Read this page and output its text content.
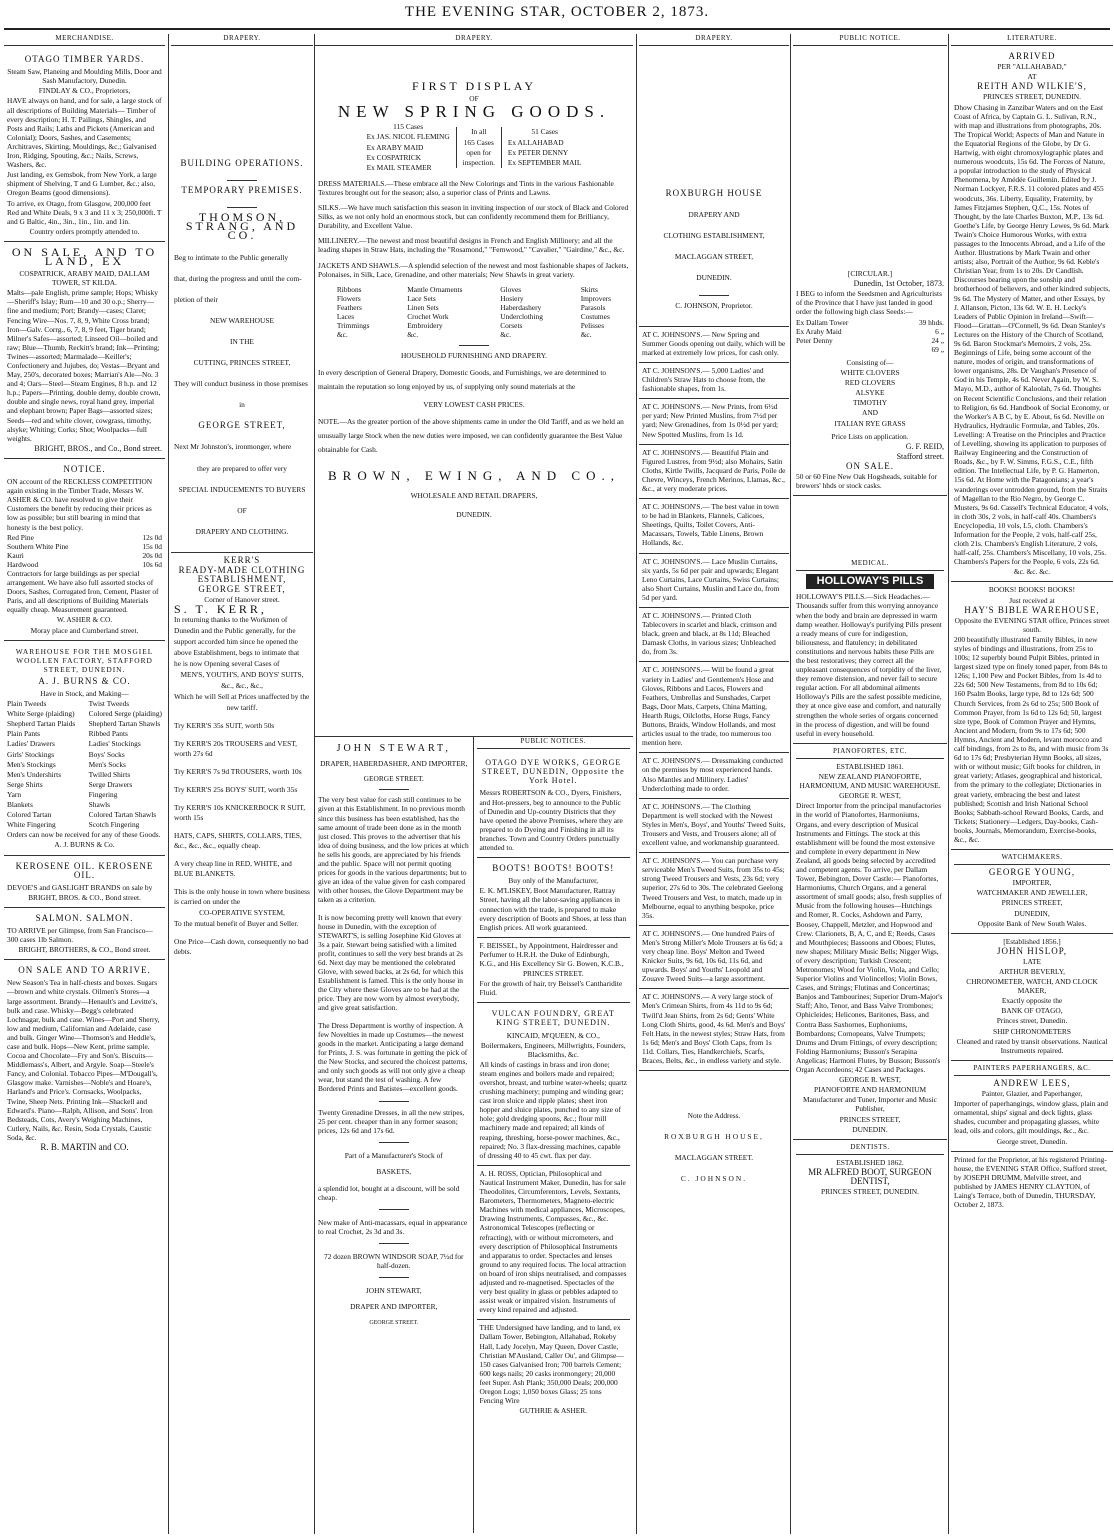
THE EVENING STAR, OCTOBER 2, 1873.
MERCHANDISE.
OTAGO TIMBER YARDS.

Steam Saw, Planeing and Moulding Mills, Door and Sash Manufactory, Dunedin.

FINDLAY & CO., Proprietors,

HAVE always on hand, and for sale, a large stock of all descriptions of Building Materials— Timber of every description; H. T. Pailings, Shingles, and Posts and Rails; Laths and Pickets (American and Colonial); Doors, Sashes, and Casements; Architraves, Skirting, Mouldings, &c.; Galvanised Iron, Ridging, Spouting, &c.; Nails, Screws, Washers, &c.

Just landing, ex Gemsbok, from New York, a large shipment of Shelving, T and G Lumber, &c.; also, Oregon Beams (good dimensions).

To arrive, ex Otago, from Glasgow, 200,000 feet Red and White Deals, 9 x 3 and 11 x 3; 250,000ft. T and G Baltic, 4in., 3in., 1in., 1in. and 1in.

Country orders promptly attended to.

ON SALE, AND TO LAND, EX

COSPATRICK, ARABY MAID, DALLAM TOWER, ST KILDA.

Malts—pale English, prime sample; Hops; Whisky—Sheriff's Islay; Rum—10 and 30 o.p.; Sherry—fine and medium; Port; Brandy—cases; Claret; Fencing Wire—Nos. 7, 8, 9, White Cross brand; Iron—Galv. Corrg., 6, 7, 8, 9 feet, Tiger brand; Milner's Safes—assorted; Linseed Oil—boiled and raw; Blue—Thumb, Reckitt's brand; Ink—Printing; Twines—assorted; Marmalade—Keiller's; Confectionery and Jujubes, do; Vestas—Bryant and May, 250's, decorated boxes; Marrian's Ale—No. 3 and 4; Oars—Steel—Steam Engines, 8 h.p. and 12 h.p.; Papers—Printing, double demy, double crown, double and single news, royal hand grey, imperial and elephant brown; Paper Bags—assorted sizes; Seeds—red and white clover, cowgrass, timothy, alsyke; Whiting; Corks; Shot; Woolpacks—full weights.

BRIGHT, BROS., and Co., Bond street.

NOTICE.

ON account of the RECKLESS COMPETITION again existing in the Timber Trade, Messrs W. ASHER & CO. have resolved to give their Customers the benefit by reducing their prices as low as possible; but still bearing in mind that honesty is the best policy.

Red Pine	12s 0d
Southern White Pine	15s 0d
Kauri	20s 0d
Hardwood	10s 6d

Contractors for large buildings as per special arrangement. We have also full assorted stocks of Doors, Sashes, Corrugated Iron, Cement, Plaster of Paris, and all descriptions of Building Materials equally cheap. Measurement guaranteed.

W. ASHER & CO.

Moray place and Cumberland street.

WAREHOUSE FOR THE MOSGIEL WOOLLEN FACTORY, STAFFORD STREET, DUNEDIN.
A. J. BURNS & CO.

Have in Stock, and Making—

Plain Tweeds

White Serge (plaiding)

Shepherd Tartan Plaids

Plain Pants

Ladies' Drawers

Girls' Stockings

Men's Stockings

Men's Undershirts

Serge Shirts

Yarn

Blankets

Colored Tartan

White Fingering

Twist Tweeds

Colored Serge (plaiding)

Shepherd Tartan Shawls

Ribbed Pants

Ladies' Stockings

Boys' Socks

Men's Socks

Twilled Shirts

Serge Drawers

Fingering

Shawls

Colored Tartan Shawls

Scotch Fingering

Orders can now be received for any of these Goods.

A. J. BURNS & Co.

KEROSENE OIL. KEROSENE OIL.

DEVOE'S and GASLIGHT BRANDS on sale by

BRIGHT, BROS. & CO., Bond street.

SALMON. SALMON.

TO ARRIVE per Glimpse, from San Francisco— 300 cases 1lb Salmon.

BRIGHT, BROTHERS, & CO., Bond street.

ON SALE AND TO ARRIVE.

New Season's Tea in half-chests and boxes. Sugars—brown and white crystals. Oilmen's Stores—a large assortment. Brandy—Henault's and Levitte's, bulk and case. Whisky—Begg's celebrated Lochnagar, bulk and case. Wines—Port and Sherry, low and medium, Californian and Adelaide, case and bulk. Ginger Wine—Thomson's and Heddle's, case and bulk. Hops—New Kent, prime sample. Cocoa and Chocolate—Fry and Son's. Biscuits—Middlemass's, Albert, and Argyle. Soap—Steele's Fancy, and Colonial. Tobacco Pipes—M'Dougall's, Glasgow make. Varnishes—Noble's and Hoare's, Harland's and Price's. Cornsacks, Woolpacks, Twine, Sheep Nets. Printing Ink—Shackell and Edward's. Piano—Ralph, Allison, and Sons'. Iron Bedsteads, Cots, Avery's Weighing Machines, Cutlery, Nails, &c. Resin, Soda Crystals, Caustic Soda, &c.

R. B. MARTIN and CO.

DRAPERY.

BUILDING OPERATIONS.

TEMPORARY PREMISES.

THOMSON, STRANG, AND CO.

Beg to intimate to the Public generally

that, during the progress and until the com-

pletion of their

NEW WAREHOUSE

IN THE

CUTTING, PRINCES STREET,

They will conduct business in those premises

in

GEORGE STREET,

Next Mr Johnston's, ironmonger, where

they are prepared to offer very

SPECIAL INDUCEMENTS TO BUYERS

OF

DRAPERY AND CLOTHING.

KERR'S

READY-MADE CLOTHING ESTABLISHMENT,

GEORGE STREET,

Corner of Hanover street.

S. T. KERR,

In returning thanks to the Workmen of

Dunedin and the Public generally, for the

support accorded him since he opened the

above Establishment, begs to intimate that

he is now Opening several Cases of

MEN'S, YOUTH'S, AND BOYS' SUITS,

&c., &c., &c.,

Which he will Sell at Prices unaffected by the

new tariff.

Try KERR'S 35s SUIT, worth 50s

Try KERR'S 20s TROUSERS and VEST, worth 27s 6d

Try KERR'S 7s 9d TROUSERS, worth 10s

Try KERR'S 25s BOYS' SUIT, worth 35s

Try KERR'S 10s KNICKERBOCK R SUIT, worth 15s

HATS, CAPS, SHIRTS, COLLARS, TIES, &c., &c., &c., equally cheap.

A very cheap line in RED, WHITE, and BLUE BLANKETS.

This is the only house in town where business is carried on under the

CO-OPERATIVE SYSTEM,

To the mutual benefit of Buyer and Seller.

One Price—Cash down, consequently no bad debts.

DRAPERY.
FIRST DISPLAY
OF
NEW SPRING GOODS.

115 Cases

Ex JAS. NICOL FLEMING

Ex ARABY MAID

Ex COSPATRICK

Ex MAIL STEAMER

In all

165 Cases

open for

inspection.

51 Cases

Ex ALLAHABAD

Ex PETER DENNY

Ex SEPTEMBER MAIL

DRESS MATERIALS.—These embrace all the New Colorings and Tints in the various Fashionable Textures brought out for the season; also, a superior class of Prints and Lawns.

SILKS.—We have much satisfaction this season in inviting inspection of our stock of Black and Colored Silks, as we not only hold an enormous stock, but can confidently recommend them for Brilliancy, Durability, and Excellent Value.

MILLINERY.—The newest and most beautiful designs in French and English Millinery; and all the leading shapes in Straw Hats, including the "Rosamond," "Fernwood," "Cavalier," "Gairdine," &c., &c.

JACKETS AND SHAWLS.—A splendid selection of the newest and most fashionable shapes of Jackets, Polonaises, in Silk, Lace, Grenadine, and other materials; New Shawls in great variety.

Ribbons

Flowers

Feathers

Laces

Trimmings

&c.

Mantle Ornaments

Lace Sets

Linen Sets

Crochet Work

Embroidery

&c.

Gloves

Hosiery

Haberdashery

Underclothing

Corsets

&c.

Skirts

Improvers

Parasols

Costumes

Pelisses

&c.

HOUSEHOLD FURNISHING AND DRAPERY.

In every description of General Drapery, Domestic Goods, and Furnishings, we are determined to maintain the reputation so long enjoyed by us, of supplying only sound materials at the

VERY LOWEST CASH PRICES.

NOTE.—As the greater portion of the above shipments came in under the Old Tariff, and as we held an unusually large Stock when the new duties were imposed, we can confidently guarantee the Best Value obtainable for Cash.

BROWN, EWING, AND CO.,

WHOLESALE AND RETAIL DRAPERS,

DUNEDIN.

JOHN STEWART,

DRAPER, HABERDASHER, AND IMPORTER,

GEORGE STREET.

The very best value for cash still continues to be given at this Establishment. In no previous month since this business has been established, has the same amount of trade been done as in the month just closed. This proves to the advertiser that his idea of doing business, and the low prices at which he sells his goods, are appreciated by his friends and the public. Space will not permit quoting prices for goods in the various departments; but to give an idea of the value given for cash compared with other houses, the Glove Department may be taken as a criterion.

It is now becoming pretty well known that every house in Dunedin, with the exception of STEWART'S, is selling Josephine Kid Gloves at 3s a pair. Stewart being satisfied with a limited profit, continues to sell the very best brands at 2s 6d. Next day may be mentioned the celebrated Glove, with sewed backs, at 2s 6d, for which this Establishment is famed. This is the only house in the City where these Gloves are to be had at the price. They are now worn by almost everybody, and give great satisfaction.

The Dress Department is worthy of inspection. A few Novelties in made up Costumes—the newest goods in the market. Anticipating a large demand for Prints, J. S. was fortunate in getting the pick of the New Stocks, and secured the choicest patterns, and only such goods as will not only give a cheap wear, but stand the test of washing. A few Bordered Prints and Batistes—excellent goods.

Twenty Grenadine Dresses, in all the new stripes, 25 per cent. cheaper than in any former season; prices, 12s 6d and 17s 6d.

Part of a Manufacturer's Stock of

BASKETS,

a splendid lot, bought at a discount, will be sold cheap.

New make of Anti-macassars, equal in appearance to real Crochet, 2s 3d and 3s.

72 dozen BROWN WINDSOR SOAP, 7½d for half-dozen.

JOHN STEWART,

DRAPER AND IMPORTER,

GEORGE STREET.

PUBLIC NOTICES.
OTAGO DYE WORKS, GEORGE STREET, DUNEDIN, Opposite the York Hotel.

Messrs ROBERTSON & CO., Dyers, Finishers, and Hot-pressers, beg to announce to the Public of Dunedin and Up-country Districts that they have opened the above Premises, where they are prepared to do Dyeing and Finishing in all its branches. Town and Country Orders punctually attended to.

BOOTS! BOOTS! BOOTS!

Buy only of the Manufacturer,

E. K. M'LISKEY, Boot Manufacturer, Rattray Street, having all the labor-saving appliances in connection with the trade, is prepared to make every description of Boots and Shoes, at less than English prices. All work guaranteed.

F. BEISSEL, by Appointment, Hairdresser and Perfumer to H.R.H. the Duke of Edinburgh, K.G., and His Excellency Sir G. Bowen, K.C.B.,

PRINCES STREET.

For the growth of hair, try Beissel's Cantharidite Fluid.

VULCAN FOUNDRY, GREAT KING STREET, DUNEDIN.

KINCAID, M'QUEEN, & CO.,

Boilermakers, Engineers, Millwrights, Founders, Blacksmiths, &c.

All kinds of castings in brass and iron done; steam engines and boilers made and repaired; overshot, breast, and turbine water-wheels; quartz crushing machinery; pumping and winding gear; cast iron sluice and ripple plates; sheet iron hopper and sluice plates, punched to any size of hole; gold dredging spoons, &c.; flour mill machinery made and repaired; all kinds of reaping, threshing, horse-power machines, &c., repaired; No. 3 flax-dressing machines, capable of dressing 40 to 45 cwt. flax per day.

A. H. ROSS, Optician, Philosophical and Nautical Instrument Maker, Dunedin, has for sale Theodolites, Circumferentors, Levels, Sextants, Barometers, Thermometers, Magneto-electric Machines with medical appliances, Microscopes, Drawing Instruments, Compasses, &c., &c. Astronomical Telescopes (reflecting or refracting), with or without micrometers, and every description of Philosophical Instruments and apparatus to order. Spectacles and lenses ground to any required focus. The local attraction on board of iron ships neutralised, and compasses adjusted and re-magnetised. Spectacles of the very best quality in glass or pebbles adapted to assist weak or impaired vision. Instruments of every kind repaired and adjusted.

THE Undersigned have landing, and to land, ex Dallam Tower, Bebington, Allahabad, Rokeby Hall, Lady Jocelyn, May Queen, Dover Castle, Christian M'Ausland, Caller Ou', and Glimpse— 150 cases Galvanised Iron; 700 barrels Cement; 600 kegs nails; 20 casks ironmongery; 20,000 feet Super. Ash Plank; 350,000 Deals; 200,000 Oregon Logs; 1,050 boxes Glass; 25 tons Fencing Wire

GUTHRIE & ASHER.

DRAPERY.

ROXBURGH HOUSE

DRAPERY AND

CLOTHING ESTABLISHMENT,

MACLAGGAN STREET,

DUNEDIN.

C. JOHNSON, Proprietor.

AT C. JOHNSON'S.— New Spring and Summer Goods opening out daily, which will be marked at extremely low prices, for cash only.

AT C. JOHNSON'S.— 5,000 Ladies' and Children's Straw Hats to choose from, the fashionable shapes, from 1s.

AT C. JOHNSON'S.— New Prints, from 6½d per yard; New Printed Muslins, from 7½d per yard; New Grenadines, from 1s 0½d per yard; New Spotted Muslins, from 1s 1d.

AT C. JOHNSON'S.— Beautiful Plain and Figured Lustres, from 9½d; also Mohairs, Satin Cloths, Kirtle Twills, Jacquard de Paris, Poile de Chevre, Winceys, French Merinos, Llamas, &c., &c., at very moderate prices.

AT C. JOHNSON'S.— The best value in town to be had in Blankets, Flannels, Calicoes, Sheetings, Quilts, Toilet Covers, Anti-Macassars, Towels, Table Linens, Brown Hollands, &c.

AT C. JOHNSON'S.— Lace Muslin Curtains, six yards, 5s 6d per pair and upwards; Elegant Leno Curtains, Lace Curtains, Swiss Curtains; also Short Curtains, Muslin and Lace do, from 5d per yard.

AT C. JOHNSON'S.— Printed Cloth Tablecovers in scarlet and black, crimson and black, green and black, at 8s 11d; Bleached Damask Cloths, in various sizes; Unbleached do, from 3s.

AT C. JOHNSON'S.— Will be found a great variety in Ladies' and Gentlemen's Hose and Gloves, Ribbons and Laces, Flowers and Feathers, Umbrellas and Sunshades, Carpet Bags, Door Mats, Carpets, China Matting, Hearth Rugs, Oilcloths, Horse Rugs, Fancy Buttons, Braids, Window Hollands, and most articles usual to the trade, too numerous too mention here.

AT C. JOHNSON'S.— Dressmaking conducted on the premises by most experienced hands. Also Mantles and Millinery. Ladies' Underclothing made to order.

AT C. JOHNSON'S.— The Clothing Department is well stocked with the Newest Styles in Men's, Boys', and Youths' Tweed Suits, Trousers and Vests, and Trousers alone; all of excellent value, and workmanship guaranteed.

AT C. JOHNSON'S.— You can purchase very serviceable Men's Tweed Suits, from 35s to 45s; strong Tweed Trousers and Vests, 23s 6d; very superior, 27s 6d to 30s. The celebrated Geelong Tweed Trousers and Vest, to match, made up in Melbourne, equal to anything bespoke, price 35s.

AT C. JOHNSON'S.— One hundred Pairs of Men's Strong Miller's Mole Trousers at 6s 6d; a very cheap line. Boys' Melton and Tweed Knicker Suits, 9s 6d, 10s 6d, 11s 6d, and upwards. Boys' and Youths' Leopold and Zouave Tweed Suits—a large assortment.

AT C. JOHNSON'S.— A very large stock of Men's Crimean Shirts, from 4s 11d to 9s 6d; Twill'd Jean Shirts, from 2s 6d; Gents' White Long Cloth Shirts, good, 4s 6d. Men's and Boys' Felt Hats, in the newest styles; Straw Hats, from 1s 6d; Men's and Boys' Cloth Caps, from 1s 11d. Collars, Ties, Handkerchiefs, Scarfs, Braces, Belts, &c., in endless variety and style.

Note the Address.

ROXBURGH HOUSE,

MACLAGGAN STREET.

C. JOHNSON.

PUBLIC NOTICE.

[CIRCULAR.]

Dunedin, 1st October, 1873.

I BEG to inform the Seedsmen and Agriculturists of the Province that I have just landed in good order the following high class Seeds:—

Ex Dallam Tower	39 hhds.
Ex Araby Maid	6 „
Peter Denny	24 „
69 „

Consisting of—

WHITE CLOVERS

RED CLOVERS

ALSYKE

TIMOTHY

AND

ITALIAN RYE GRASS

Price Lists on application.

G. F. REID,

Stafford street.

ON SALE.

50 or 60 Fine New Oak Hogsheads, suitable for brewers' hhds or stock casks.

MEDICAL.
HOLLOWAY'S PILLS

HOLLOWAY'S PILLS.—Sick Headaches.—Thousands suffer from this worrying annoyance when the body and brain are depressed in warm damp weather. Holloway's purifying Pills present a ready means of cure for indigestion, biliousness, and flatulency; in debilitated constitutions and nervous habits these Pills are the best restoratives; they correct all the unpleasant consequences of torpidity of the liver, they remove distension, and never fail to secure regular action. For all abdominal ailments Holloway's Pills are the safest possible medicine, they at once give ease and comfort, and naturally strengthen the whole series of organs concerned in the process of digestion, and will be found useful in every household.

PIANOFORTES, ETC.

ESTABLISHED 1861.

NEW ZEALAND PIANOFORTE, HARMONIUM, AND MUSIC WAREHOUSE.

GEORGE R. WEST,

Direct Importer from the principal manufactories in the world of Pianofortes, Harmoniums, Organs, and every description of Musical Instruments and Fittings. The stock at this establishment will be found the most extensive and complete in every department in New Zealand, all goods being selected by accredited and competent agents. To arrive, per Dallam Tower, Bebington, Dover Castle:— Pianofortes, Harmoniums, Church Organs, and a general assortment of small goods; also, fresh supplies of Music from the following houses—Hutchings and Romer, R. Cocks, Ashdown and Parry, Boosey, Chappell, Metzler, and Hopwood and Crew. Clarionets, B, A, C, and E; Reeds, Cases and Mouthpieces; Bassoons and Oboes; Flutes, new shapes; Military Music Bells; Nigger Wigs, of every description; Turkish Crescent; Metronomes; Wood for Violin, Viola, and Cello; Superior Violins and Violincellos; Violin Bows, Cases, and Strings; Flutinas and Concertinas; Banjos and Tambourines; Superior Drum-Major's Staff; Alto, Tenor, and Bass Valve Trombones; Ophicleides; Helicones, Baritones, Bass, and Contra Bass Saxhornes, Euphoniums, Bombardons; Cornopeans, Valve Trumpets; Drums and Drum Fittings, of every description; Folding Harmoniums; Busson's Serapina Angelicas; Harmoni Flutes, by Busson; Busson's Organ Accordeons; 42 Cases and Packages.

GEORGE R. WEST,

PIANOFORTE AND HARMONIUM

Manufacturer and Tuner, Importer and Music Publisher,

PRINCES STREET,

DUNEDIN.

DENTISTS.

ESTABLISHED 1862.

MR ALFRED BOOT, SURGEON DENTIST,

PRINCES STREET, DUNEDIN.

LITERATURE.

ARRIVED

PER "ALLAHABAD,"

AT

REITH AND WILKIE'S,

PRINCES STREET, DUNEDIN.

Dhow Chasing in Zanzibar Waters and on the East Coast of Africa, by Captain G. L. Sulivan, R.N., with map and illustrations from photographs, 20s. The Tropical World; Aspects of Man and Nature in the Equatorial Regions of the Globe, by Dr G. Hartwig, with eight chromoxylographic plates and numerous woodcuts, 15s 6d. The Forces of Nature, a popular introduction to the study of Physical Phenomena, by Amédée Guillemin. Edited by J. Norman Lockyer, F.R.S. 11 colored plates and 455 woodcuts, 36s. Liberty, Equality, Fraternity, by James Fitzjames Stephen, Q.C., 15s. Notes of Thought, by the late Charles Buxton, M.P., 13s 6d. Goethe's Life, by George Henry Lewes, 9s 6d. Mark Twain's Choice Humorous Works, with extra passages to the Innocents Abroad, and a Life of the Author. Illustrations by Mark Twain and other artists; also, Portrait of the Author, 9s 6d. Keble's Christian Year, from 1s to 20s. Dr Candlish. Discourses bearing upon the sonship and brotherhood of believers, and other kindred subjects, 9s 6d. The Mystery of Matter, and other Essays, by J. Allanson, Picton, 13s 6d. W. E. H. Lecky's Leaders of Public Opinion in Ireland—Swift—Flood—Grattan—O'Connell, 9s 6d. Dean Stanley's Lectures on the History of the Church of Scotland, 9s 6d. Baron Stockmar's Memoirs, 2 vols, 25s. Beginnings of Life, being some account of the nature, modes of origin, and transformations of lower organisms, 28s. Dr Vaughan's Presence of God in his Temple, 4s 6d. Never Again, by W. S. Mayo, M.D., author of Kaloolah, 7s 6d. Thoughts on Recent Scientific Conclusions, and their relation to Religion, 6s 6d. Handbook of Social Economy, or the Worker's A B C, by E. About, 6s 6d. Neville on Hydraulics, Hydraulic Formulæ, and Tables, 20s. Levelling: A Treatise on the Principles and Practice of Levelling, showing its application to purposes of Railway Engineering and the Construction of Roads, &c., by F. W. Simms, F.G.S., C.E., fifth edition. The Intellectual Life, by P. G. Hamerton, 15s 6d. At Home with the Patagonians; a year's wanderings over untrodden ground, from the Straits of Magellan to the Rio Negro, by George C. Musters, 9s 6d. Cassell's Technical Educator, 4 vols, in cloth 30s, 2 vols, in half-calf 40s. Chambers's Encyclopedia, 10 vols, L5, cloth. Chambers's Information for the People, 2 vols, half-calf 25s, cloth 21s. Chambers's English Literature, 2 vols, half-calf, 25s. Chambers's Miscellany, 10 vols, 25s. Chambers's Papers for the People, 6 vols, 22s 6d.

&c. &c. &c.

BOOKS! BOOKS! BOOKS!

Just received at

HAY'S BIBLE WAREHOUSE,

Opposite the EVENING STAR office, Princes street south.

200 beautifully illustrated Family Bibles, in new styles of bindings and illustrations, from 25s to 100s; 12 superbly bound Pulpit Bibles, printed in largest sized type on finely toned paper, from 84s to 126s; 1,100 Pew and Pocket Bibles, from 1s 4d to 22s 6d; 500 New Testaments, from 8d to 10s 6d; 160 Psalm Books, large type, 8d to 12s 6d; 500 Church Services, from 2s 6d to 25s; 500 Book of Common Prayer, from 1s 6d to 12s 6d; 50, largest size type, Book of Common Prayer and Hymns, Ancient and Modern, from 9s to 17s 6d; 500 Hymns, Ancient and Modern, levant morocco and calf bindings, from 2s to 8s, and with music from 3s 6d to 17s 6d; Presbyterian Hymn Books, all sizes, with or without music; Gift books for children, in great variety; Atlases, geographical and historical, from the primary to the collegiate; Dictionaries in great variety, embracing the best and latest published; Scottish and Irish National School Books; Sabbath-school Reward Books, Cards, and Tickets; Stationery—Ledgers, Day-books, Cash-books, Journals, Memorandum, Exercise-books, &c., &c.

WATCHMAKERS.

GEORGE YOUNG,

IMPORTER,

WATCHMAKER AND JEWELLER,

PRINCES STREET,

DUNEDIN,

Opposite Bank of New South Wales.

[Established 1856.]

JOHN HISLOP,

LATE

ARTHUR BEVERLY,

CHRONOMETER, WATCH, AND CLOCK MAKER,

Exactly opposite the

BANK OF OTAGO,

Princes street, Dunedin.

SHIP CHRONOMETERS

Cleaned and rated by transit observations. Nautical Instruments repaired.

PAINTERS PAPERHANGERS, &C.

ANDREW LEES,

Painter, Glazier, and Paperhanger,

Importer of paperhangings, window glass, plain and ornamental, ships' signal and deck lights, glass shades, cucumber and propagating glasses, white lead, oils and colors, gilt mouldings, &c., &c.

George street, Dunedin.

Printed for the Proprietor, at his registered Printing-house, the EVENING STAR Office, Stafford street, by JOSEPH DRUMM, Melville street, and published by JAMES HENRY CLAYTON, of Laing's Terrace, both of Dunedin, THURSDAY, October 2, 1873.
